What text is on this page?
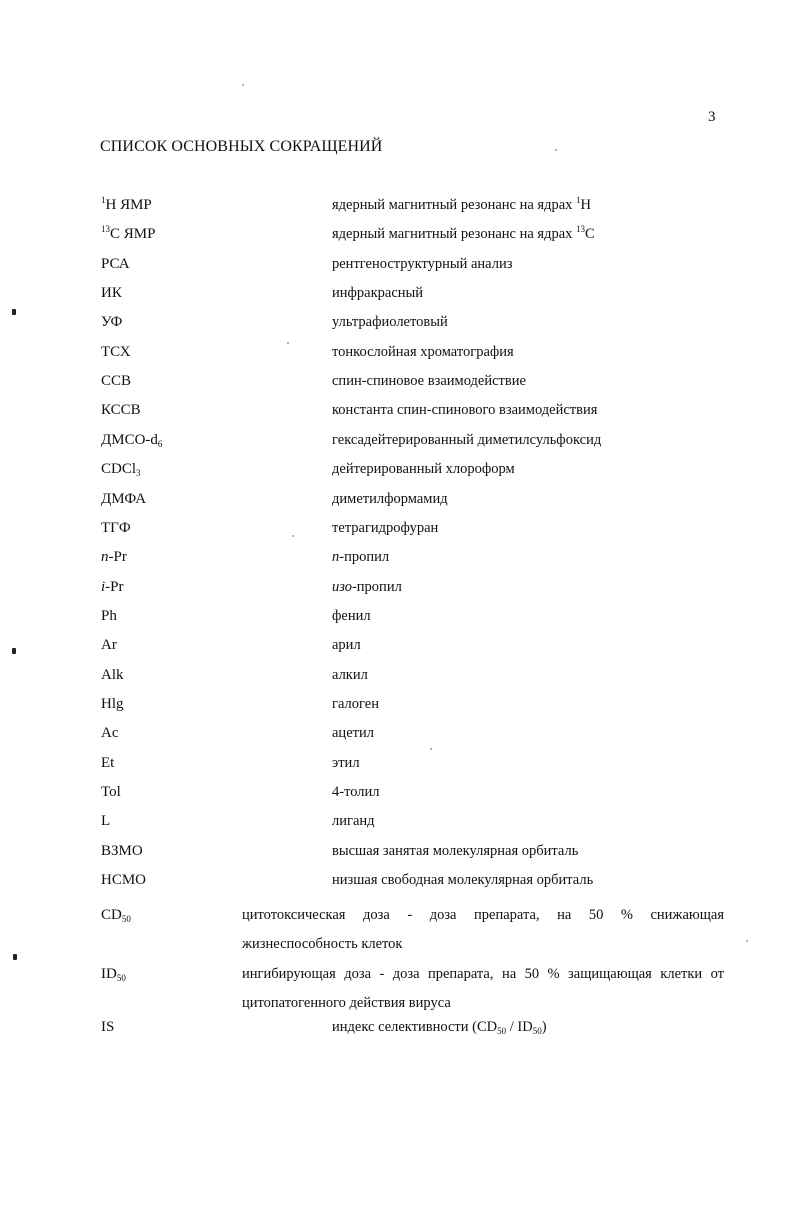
3
СПИСОК ОСНОВНЫХ СОКРАЩЕНИЙ
$^1$Н ЯМР	ядерный магнитный резонанс на ядрах $^1$Н
$^{13}$С ЯМР	ядерный магнитный резонанс на ядрах $^{13}$С
РСА	рентгеноструктурный анализ
ИК	инфракрасный
УФ	ультрафиолетовый
ТСХ	тонкослойная хроматография
ССВ	спин-спиновое взаимодействие
КССВ	константа спин-спинового взаимодействия
ДМСО-$d_6$	гексадейтерированный диметилсульфоксид
CDCl$_3$	дейтерированный хлороформ
ДМФА	диметилформамид
ТГФ	тетрагидрофуран
n-Pr	n-пропил
i-Pr	изо-пропил
Ph	фенил
Ar	арил
Alk	алкил
Hlg	галоген
Ac	ацетил
Et	этил
Tol	4-толил
L	лиганд
ВЗМО	высшая занятая молекулярная орбиталь
НСМО	низшая свободная молекулярная орбиталь
$CD_{50}$	цитотоксическая доза - доза препарата, на 50 % снижающая жизнеспособность клеток
$ID_{50}$	ингибирующая доза - доза препарата, на 50 % защищающая клетки от цитопатогенного действия вируса
IS	индекс селективности $(CD_{50} / ID_{50})$
